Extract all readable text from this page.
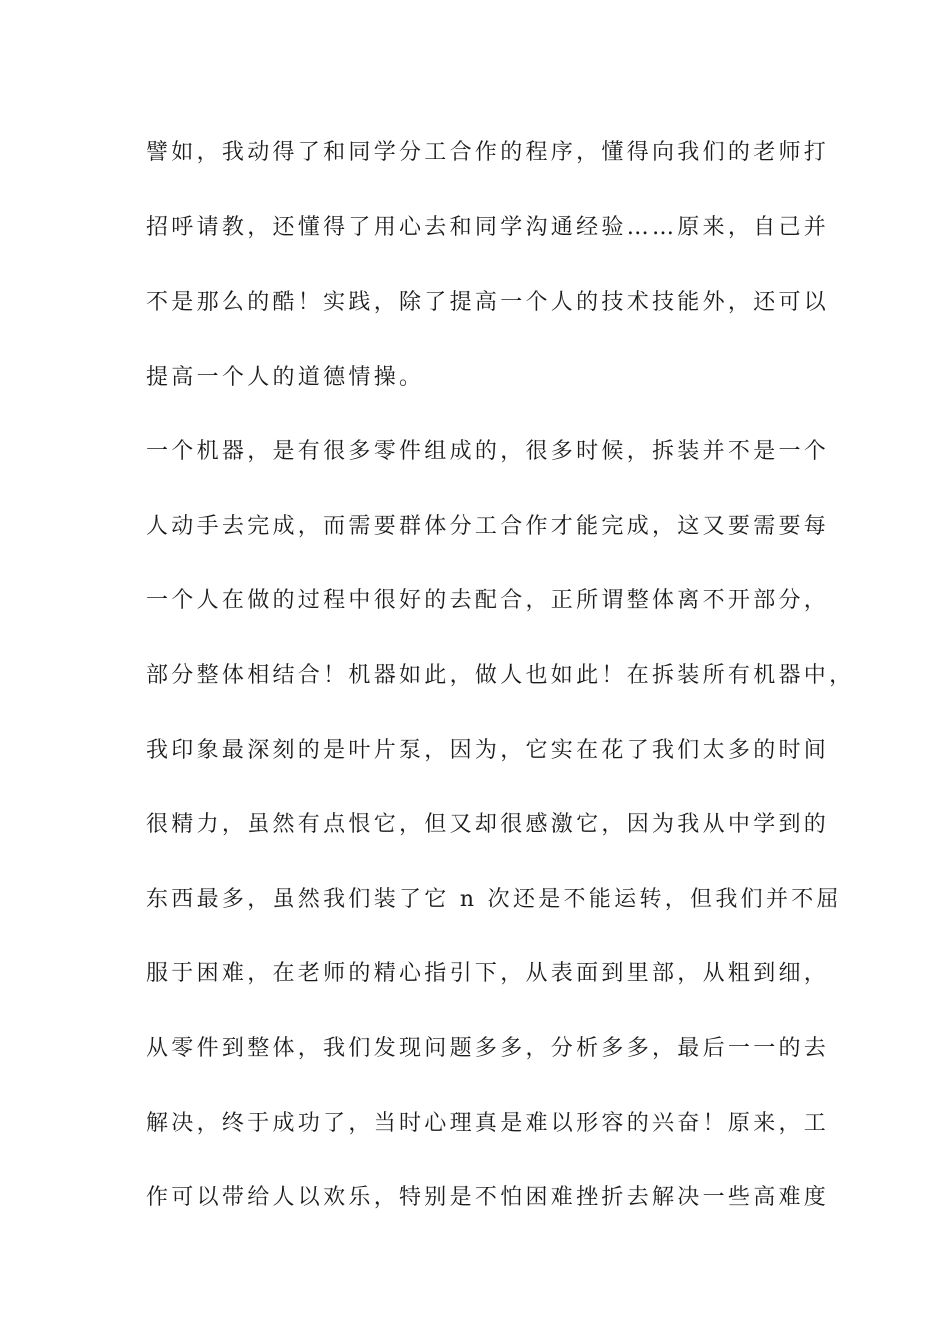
譬如，我动得了和同学分工合作的程序，懂得向我们的老师打
招呼请教，还懂得了用心去和同学沟通经验……原来，自己并
不是那么的酷！实践，除了提高一个人的技术技能外，还可以
提高一个人的道德情操。
一个机器，是有很多零件组成的，很多时候，拆装并不是一个
人动手去完成，而需要群体分工合作才能完成，这又要需要每
一个人在做的过程中很好的去配合，正所谓整体离不开部分，
部分整体相结合！机器如此，做人也如此！在拆装所有机器中，
我印象最深刻的是叶片泵，因为，它实在花了我们太多的时间
很精力，虽然有点恨它，但又却很感激它，因为我从中学到的
东西最多，虽然我们装了它 n 次还是不能运转，但我们并不屈
服于困难，在老师的精心指引下，从表面到里部，从粗到细，
从零件到整体，我们发现问题多多，分析多多，最后一一的去
解决，终于成功了，当时心理真是难以形容的兴奋！原来，工
作可以带给人以欢乐，特别是不怕困难挫折去解决一些高难度
